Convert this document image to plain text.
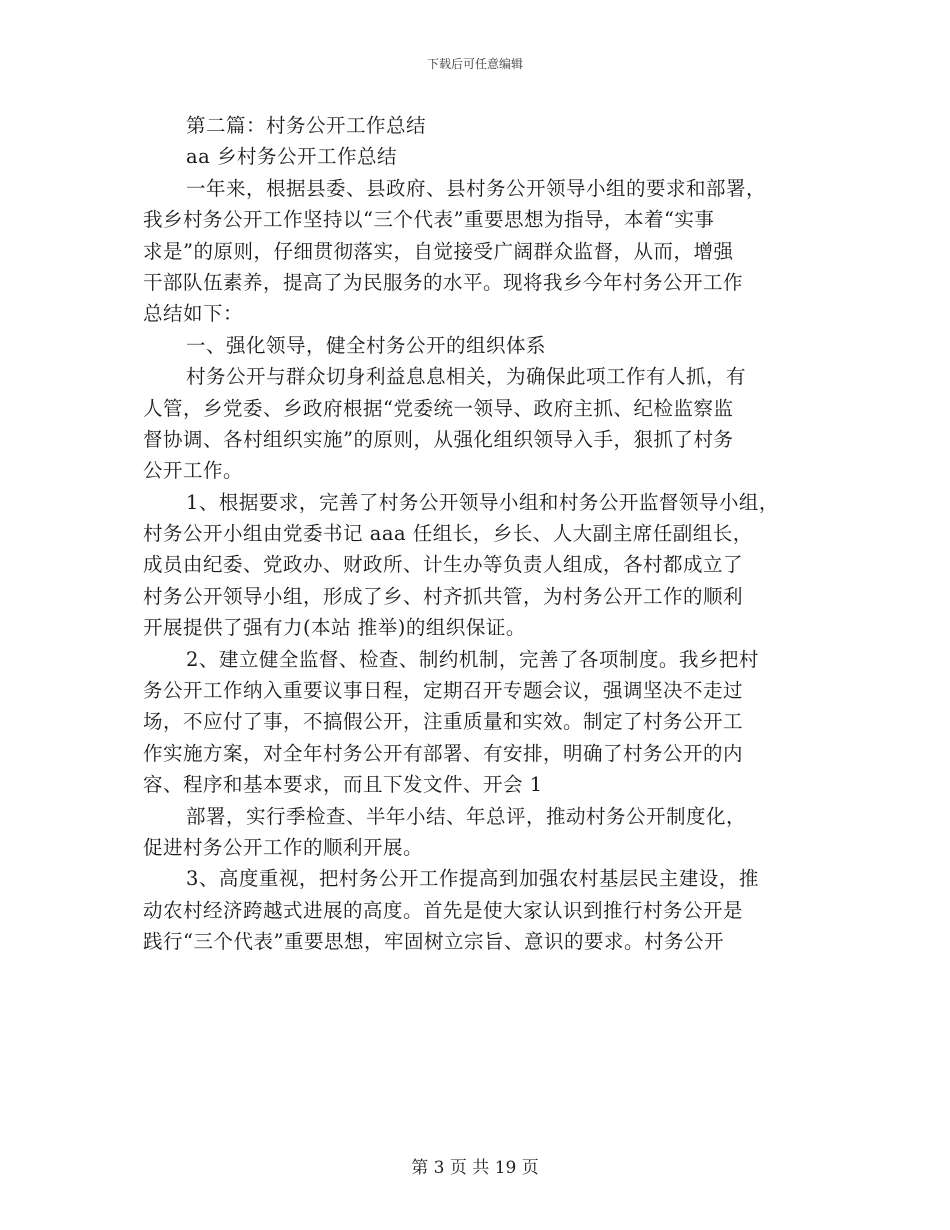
下载后可任意编辑
第二篇：村务公开工作总结
aa 乡村务公开工作总结
一年来，根据县委、县政府、县村务公开领导小组的要求和部署，
我乡村务公开工作坚持以“三个代表”重要思想为指导，本着“实事
求是”的原则，仔细贯彻落实，自觉接受广阔群众监督，从而，增强
干部队伍素养，提高了为民服务的水平。现将我乡今年村务公开工作
总结如下：
一、强化领导，健全村务公开的组织体系
村务公开与群众切身利益息息相关，为确保此项工作有人抓，有
人管，乡党委、乡政府根据“党委统一领导、政府主抓、纪检监察监
督协调、各村组织实施”的原则，从强化组织领导入手，狠抓了村务
公开工作。
1、根据要求，完善了村务公开领导小组和村务公开监督领导小组，
村务公开小组由党委书记 aaa 任组长，乡长、人大副主席任副组长，
成员由纪委、党政办、财政所、计生办等负责人组成，各村都成立了
村务公开领导小组，形成了乡、村齐抓共管，为村务公开工作的顺利
开展提供了强有力(本站 推举)的组织保证。
2、建立健全监督、检查、制约机制，完善了各项制度。我乡把村
务公开工作纳入重要议事日程，定期召开专题会议，强调坚决不走过
场，不应付了事，不搞假公开，注重质量和实效。制定了村务公开工
作实施方案，对全年村务公开有部署、有安排，明确了村务公开的内
容、程序和基本要求，而且下发文件、开会 1
部署，实行季检查、半年小结、年总评，推动村务公开制度化，
促进村务公开工作的顺利开展。
3、高度重视，把村务公开工作提高到加强农村基层民主建设，推
动农村经济跨越式进展的高度。首先是使大家认识到推行村务公开是
践行“三个代表”重要思想，牢固树立宗旨、意识的要求。村务公开
第 3 页 共 19 页
